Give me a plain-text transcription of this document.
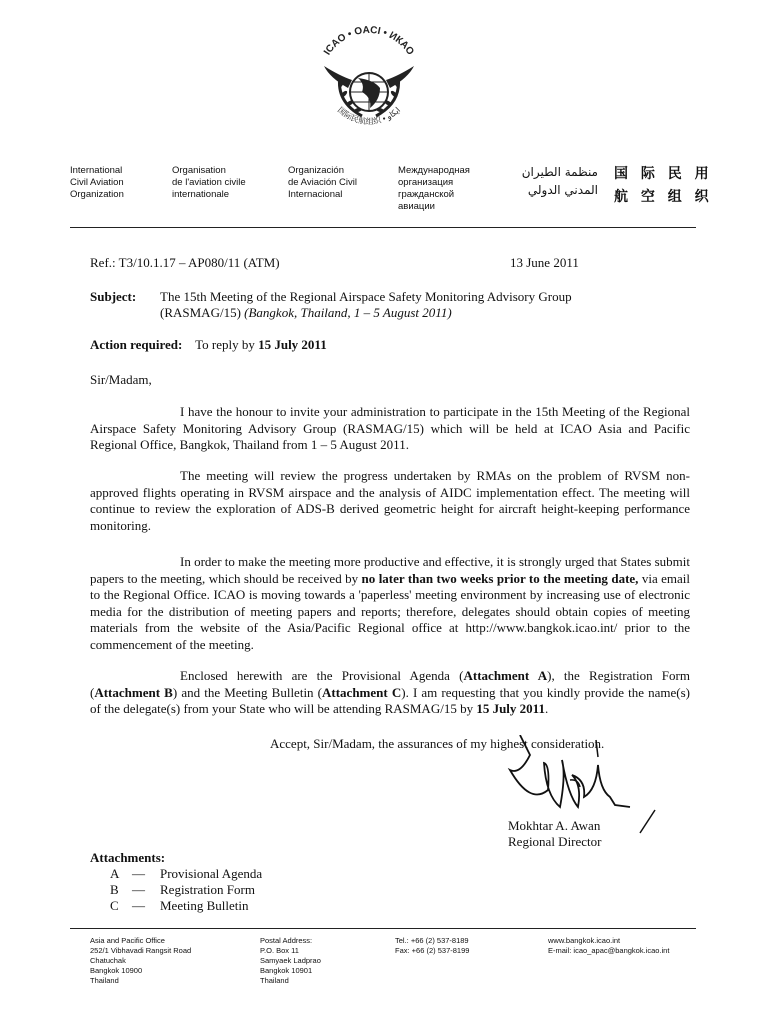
ICAO • OACI • ИКАО
国际民航组织 • ایکاو
International
Civil Aviation
Organization
Organisation
de l'aviation civile
internationale
Organización
de Aviación Civil
Internacional
Международная
организация
гражданской
авиации
منظمة الطيران
المدني الدولي
国 际 民 用
航 空 组 织
Ref.: T3/10.1.17 – AP080/11 (ATM)	13 June 2011
Subject: The 15th Meeting of the Regional Airspace Safety Monitoring Advisory Group
(RASMAG/15) (Bangkok, Thailand, 1 – 5 August 2011)
Action required: To reply by 15 July 2011
Sir/Madam,
I have the honour to invite your administration to participate in the 15th Meeting of the Regional Airspace Safety Monitoring Advisory Group (RASMAG/15) which will be held at ICAO Asia and Pacific Regional Office, Bangkok, Thailand from 1 – 5 August 2011.
The meeting will review the progress undertaken by RMAs on the problem of RVSM non-approved flights operating in RVSM airspace and the analysis of AIDC implementation effect. The meeting will continue to review the exploration of ADS-B derived geometric height for aircraft height-keeping performance monitoring.
In order to make the meeting more productive and effective, it is strongly urged that States submit papers to the meeting, which should be received by no later than two weeks prior to the meeting date, via email to the Regional Office. ICAO is moving towards a 'paperless' meeting environment by increasing use of electronic media for the distribution of meeting papers and reports; therefore, delegates should obtain copies of meeting materials from the website of the Asia/Pacific Regional office at http://www.bangkok.icao.int/ prior to the commencement of the meeting.
Enclosed herewith are the Provisional Agenda (Attachment A), the Registration Form (Attachment B) and the Meeting Bulletin (Attachment C). I am requesting that you kindly provide the name(s) of the delegate(s) from your State who will be attending RASMAG/15 by 15 July 2011.
Accept, Sir/Madam, the assurances of my highest consideration.
Mokhtar A. Awan
Regional Director
Attachments:
A — Provisional Agenda
B — Registration Form
C — Meeting Bulletin
Asia and Pacific Office
252/1 Vibhavadi Rangsit Road
Chatuchak
Bangkok 10900
Thailand
Postal Address:
P.O. Box 11
Samyaek Ladprao
Bangkok 10901
Thailand
Tel.: +66 (2) 537-8189
Fax: +66 (2) 537-8199
www.bangkok.icao.int
E-mail: icao_apac@bangkok.icao.int
